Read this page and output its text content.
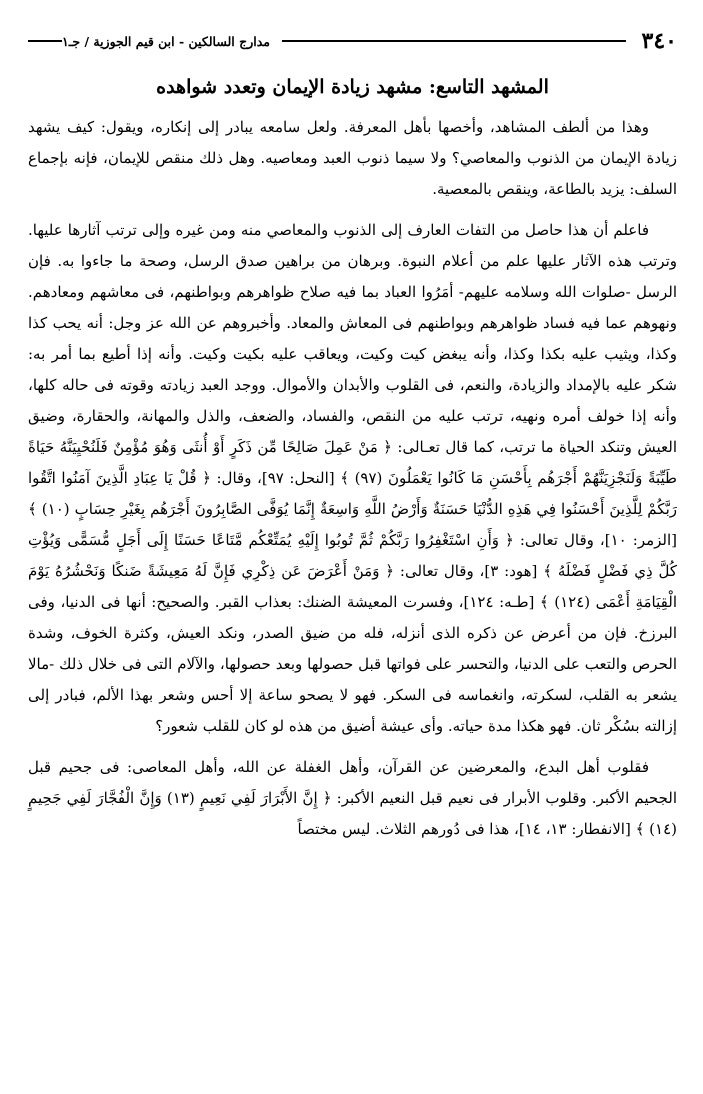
٣٤٠
مدارج السالكين - ابن قيم الجوزية / جـ١
المشهد التاسع: مشهد زيادة الإيمان وتعدد شواهده

وهذا من ألطف المشاهد، وأخصها بأهل المعرفة. ولعل سامعه يبادر إلى إنكاره، ويقول: كيف يشهد زيادة الإيمان من الذنوب والمعاصي؟ ولا سيما ذنوب العبد ومعاصيه. وهل ذلك منقص للإيمان، فإنه بإجماع السلف: يزيد بالطاعة، وينقص بالمعصية.

فاعلم أن هذا حاصل من التفات العارف إلى الذنوب والمعاصي منه ومن غيره وإلى ترتب آثارها عليها. وترتب هذه الآثار عليها علم من أعلام النبوة. وبرهان من براهين صدق الرسل، وصحة ما جاءوا به. فإن الرسل -صلوات الله وسلامه عليهم- أمَرُوا العباد بما فيه صلاح ظواهرهم وبواطنهم، فى معاشهم ومعادهم. ونهوهم عما فيه فساد ظواهرهم وبواطنهم فى المعاش والمعاد. وأخبروهم عن الله عز وجل: أنه يحب كذا وكذا، ويثيب عليه بكذا وكذا، وأنه يبغض كيت وكيت، ويعاقب عليه بكيت وكيت. وأنه إذا أطيع بما أمر به: شكر عليه بالإمداد والزيادة، والنعم، فى القلوب والأبدان والأموال. ووجد العبد زيادته وقوته فى حاله كلها، وأنه إذا خولف أمره ونهيه، ترتب عليه من النقص، والفساد، والضعف، والذل والمهانة، والحقارة، وضيق العيش وتنكد الحياة ما ترتب، كما قال تعـالى: ﴿ مَنْ عَمِلَ صَالِحًا مِّن ذَكَرٍ أَوْ أُنثَى وَهُوَ مُؤْمِنٌ فَلَنُحْيِيَنَّهُ حَيَاةً طَيِّبَةً وَلَنَجْزِيَنَّهُمْ أَجْرَهُم بِأَحْسَنِ مَا كَانُوا يَعْمَلُونَ (٩٧) ﴾ [النحل: ٩٧]، وقال: ﴿ قُلْ يَا عِبَادِ الَّذِينَ آمَنُوا اتَّقُوا رَبَّكُمْ لِلَّذِينَ أَحْسَنُوا فِي هَذِهِ الدُّنْيَا حَسَنَةٌ وَأَرْضُ اللَّهِ وَاسِعَةٌ إِنَّمَا يُوَفَّى الصَّابِرُونَ أَجْرَهُم بِغَيْرِ حِسَابٍ (١٠) ﴾ [الزمر: ١٠]، وقال تعالى: ﴿ وَأَنِ اسْتَغْفِرُوا رَبَّكُمْ ثُمَّ تُوبُوا إِلَيْهِ يُمَتِّعْكُم مَّتَاعًا حَسَنًا إِلَى أَجَلٍ مُّسَمًّى وَيُؤْتِ كُلَّ ذِي فَضْلٍ فَضْلَهُ ﴾ [هود: ٣]، وقال تعالى: ﴿ وَمَنْ أَعْرَضَ عَن ذِكْرِي فَإِنَّ لَهُ مَعِيشَةً ضَنكًا وَنَحْشُرُهُ يَوْمَ الْقِيَامَةِ أَعْمَى (١٢٤) ﴾ [طـه: ١٢٤]، وفسرت المعيشة الضنك: بعذاب القبر. والصحيح: أنها فى الدنيا، وفى البرزخ. فإن من أعرض عن ذكره الذى أنزله، فله من ضيق الصدر، ونكد العيش، وكثرة الخوف، وشدة الحرص والتعب على الدنيا، والتحسر على فواتها قبل حصولها وبعد حصولها، والآلام التى فى خلال ذلك -مالا يشعر به القلب، لسكرته، وانغماسه فى السكر. فهو لا يصحو ساعة إلا أحس وشعر بهذا الألم، فبادر إلى إزالته بسُكْر ثان. فهو هكذا مدة حياته. وأى عيشة أضيق من هذه لو كان للقلب شعور؟

فقلوب أهل البدع، والمعرضين عن القرآن، وأهل الغفلة عن الله، وأهل المعاصى: فى جحيم قبل الجحيم الأكبر. وقلوب الأبرار فى نعيم قبل النعيم الأكبر: ﴿ إِنَّ الأَبْرَارَ لَفِي نَعِيمٍ (١٣) وَإِنَّ الْفُجَّارَ لَفِي جَحِيمٍ (١٤) ﴾ [الانفطار: ١٣، ١٤]، هذا فى دُورهم الثلاث. ليس مختصاً
